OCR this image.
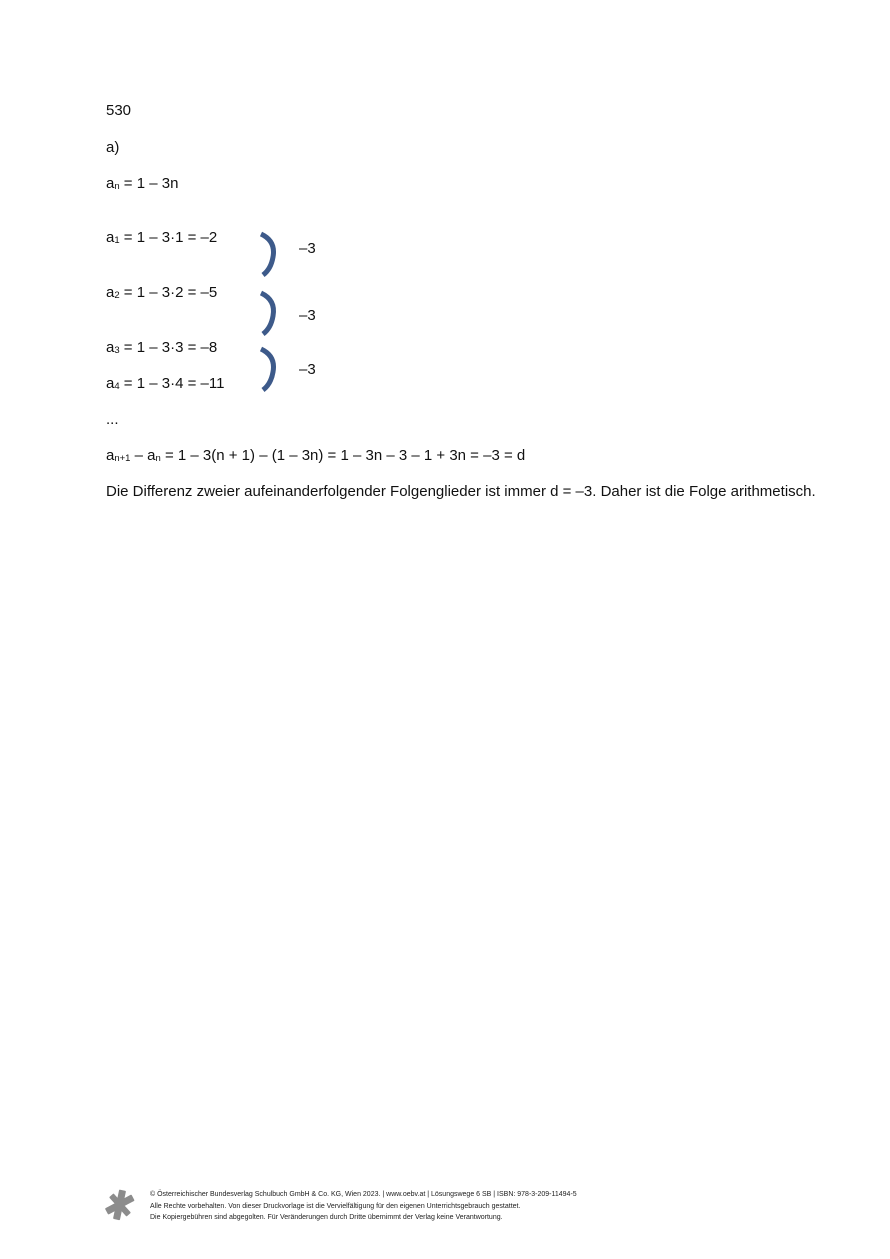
530
a)
$a_n = 1 - 3n$
$a_1 = 1 - 3\cdot 1 = -2$
$a_2 = 1 - 3\cdot 2 = -5$
$a_3 = 1 - 3\cdot 3 = -8$
$a_4 = 1 - 3\cdot 4 = -11$
–3
–3
–3
...
$a_{n+1} - a_n = 1 - 3(n + 1) - (1 - 3n) = 1 - 3n - 3 - 1 + 3n = -3 = d$
Die Differenz zweier aufeinanderfolgender Folgenglieder ist immer d = –3. Daher ist die Folge arithmetisch.
© Österreichischer Bundesverlag Schulbuch GmbH & Co. KG, Wien 2023. | www.oebv.at | Lösungswege 6 SB | ISBN: 978-3-209-11494-5
Alle Rechte vorbehalten. Von dieser Druckvorlage ist die Vervielfältigung für den eigenen Unterrichtsgebrauch gestattet.
Die Kopiergebühren sind abgegolten. Für Veränderungen durch Dritte übernimmt der Verlag keine Verantwortung.
